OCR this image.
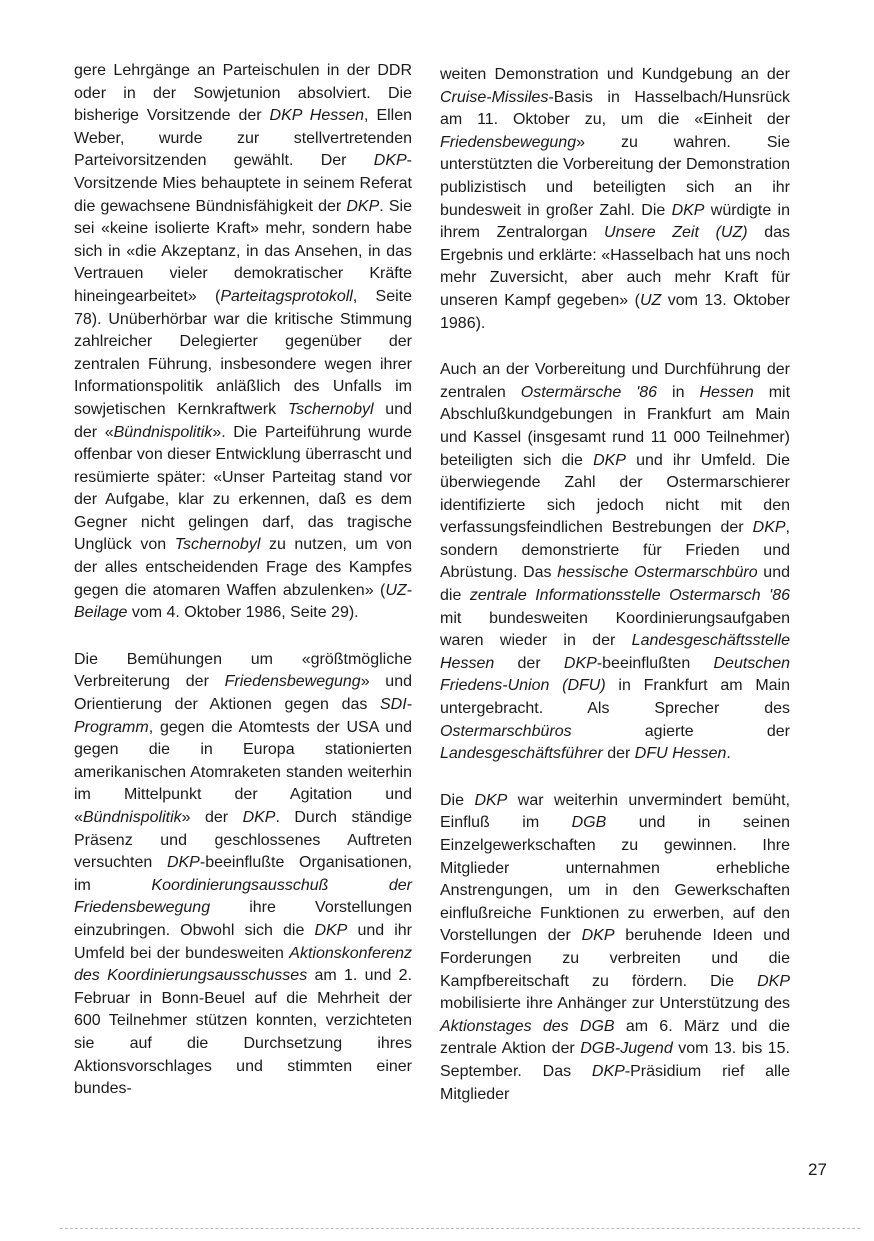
gere Lehrgänge an Parteischulen in der DDR oder in der Sowjetunion absolviert. Die bisherige Vorsitzende der DKP Hessen, Ellen Weber, wurde zur stellvertretenden Parteivorsitzenden gewählt. Der DKP-Vorsitzende Mies behauptete in seinem Referat die gewachsene Bündnisfähigkeit der DKP. Sie sei «keine isolierte Kraft» mehr, sondern habe sich in «die Akzeptanz, in das Ansehen, in das Vertrauen vieler demokratischer Kräfte hineingearbeitet» (Parteitagsprotokoll, Seite 78). Unüberhörbar war die kritische Stimmung zahlreicher Delegierter gegenüber der zentralen Führung, insbesondere wegen ihrer Informationspolitik anläßlich des Unfalls im sowjetischen Kernkraftwerk Tschernobyl und der «Bündnispolitik». Die Parteiführung wurde offenbar von dieser Entwicklung überrascht und resümierte später: «Unser Parteitag stand vor der Aufgabe, klar zu erkennen, daß es dem Gegner nicht gelingen darf, das tragische Unglück von Tschernobyl zu nutzen, um von der alles entscheidenden Frage des Kampfes gegen die atomaren Waffen abzulenken» (UZ-Beilage vom 4. Oktober 1986, Seite 29).

Die Bemühungen um «größtmögliche Verbreiterung der Friedensbewegung» und Orientierung der Aktionen gegen das SDI-Programm, gegen die Atomtests der USA und gegen die in Europa stationierten amerikanischen Atomraketen standen weiterhin im Mittelpunkt der Agitation und «Bündnispolitik» der DKP. Durch ständige Präsenz und geschlossenes Auftreten versuchten DKP-beeinflußte Organisationen, im Koordinierungsausschuß der Friedensbewegung ihre Vorstellungen einzubringen. Obwohl sich die DKP und ihr Umfeld bei der bundesweiten Aktionskonferenz des Koordinierungsausschusses am 1. und 2. Februar in Bonn-Beuel auf die Mehrheit der 600 Teilnehmer stützen konnten, verzichteten sie auf die Durchsetzung ihres Aktionsvorschlages und stimmten einer bundes-

weiten Demonstration und Kundgebung an der Cruise-Missiles-Basis in Hasselbach/Hunsrück am 11. Oktober zu, um die «Einheit der Friedensbewegung» zu wahren. Sie unterstützten die Vorbereitung der Demonstration publizistisch und beteiligten sich an ihr bundesweit in großer Zahl. Die DKP würdigte in ihrem Zentralorgan Unsere Zeit (UZ) das Ergebnis und erklärte: «Hasselbach hat uns noch mehr Zuversicht, aber auch mehr Kraft für unseren Kampf gegeben» (UZ vom 13. Oktober 1986).

Auch an der Vorbereitung und Durchführung der zentralen Ostermärsche '86 in Hessen mit Abschlußkundgebungen in Frankfurt am Main und Kassel (insgesamt rund 11 000 Teilnehmer) beteiligten sich die DKP und ihr Umfeld. Die überwiegende Zahl der Ostermarschierer identifizierte sich jedoch nicht mit den verfassungsfeindlichen Bestrebungen der DKP, sondern demonstrierte für Frieden und Abrüstung. Das hessische Ostermarschbüro und die zentrale Informationsstelle Ostermarsch '86 mit bundesweiten Koordinierungsaufgaben waren wieder in der Landesgeschäftsstelle Hessen der DKP-beeinflußten Deutschen Friedens-Union (DFU) in Frankfurt am Main untergebracht. Als Sprecher des Ostermarschbüros agierte der Landesgeschäftsführer der DFU Hessen.

Die DKP war weiterhin unvermindert bemüht, Einfluß im DGB und in seinen Einzelgewerkschaften zu gewinnen. Ihre Mitglieder unternahmen erhebliche Anstrengungen, um in den Gewerkschaften einflußreiche Funktionen zu erwerben, auf den Vorstellungen der DKP beruhende Ideen und Forderungen zu verbreiten und die Kampfbereitschaft zu fördern. Die DKP mobilisierte ihre Anhänger zur Unterstützung des Aktionstages des DGB am 6. März und die zentrale Aktion der DGB-Jugend vom 13. bis 15. September. Das DKP-Präsidium rief alle Mitglieder

27
